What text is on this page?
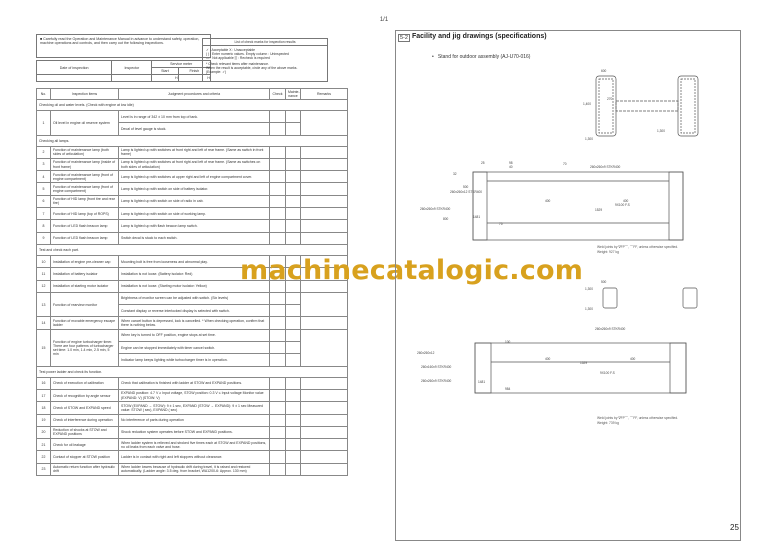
1/1
■ Carefully read the Operation and Maintenance Manual in advance to understand safety, operation, machine operations and controls, and then carry out the following inspections.
Date of inspection	Inspector	Service meter	
		Start	Finish
		H	H
List of check marks for inspection results
✓ : Acceptable X : Unacceptable
( ) : Enter numeric values. Empty column : Uninspected
— : Not applicable ▒ : Recheck is required
* Check relevant items after maintenance.
When the result is acceptable, circle any of the above marks.
(Example: ✓)
No.	Inspection items	Judgment procedures and criteria	Check	Mainte-nance	Remarks
Checking oil and water levels. (Check with engine at low idle)					
1	Oil level in engine oil reserve system	Level is in range of 342 ± 10 mm from top of tank.			
		Decal of level gauge is stuck.			
Checking all lamps.					
2	Function of maintenance lamp (both sides of articulation)	Lamp is lighted up with switches at front right and left of rear frame. (Same as switch in front frame)			
3	Function of maintenance lamp (inside of front frame)	Lamp is lighted up with switches at front right and left of rear frame. (Same as switches on both sides of articulation)			
4	Function of maintenance lamp (front of engine compartment)	Lamp is lighted up with switches at upper right and left of engine compartment cover.			
5	Function of maintenance lamp (front of engine compartment)	Lamp is lighted up with switch on side of battery isolator.			
6	Function of HID lamp (front tire and rear tire)	Lamp is lighted up with switch on side of radio in cab.			
7	Function of HID lamp (top of ROPS)	Lamp is lighted up with switch on side of working lamp.			
8	Function of LED flash beacon lamp	Lamp is lighted up with flash beacon lamp switch.			
9	Function of LED flash beacon lamp	Switch decal is stuck to each switch.			
Test and check each part.					
10	Installation of engine pre-cleaner cap	Mounting bolt is free from looseness and abnormal play.			
11	Installation of battery isolator	Installation is not loose. (Battery isolator: Red)			
12	Installation of starting motor isolator	Installation is not loose. (Starting motor isolator: Yellow)			
13	Function of rearview monitor	Brightness of monitor screen can be adjusted with switch. (Six levels)			
		Constant display or reverse interlocked display is selected with switch.			
14	Function of movable emergency escape ladder	When cancel button is depressed, lock is cancelled. * When checking operation, confirm that there is nothing below.			
15	Function of engine turbocharger timer. There are four patterns of turbocharger set time: 1.0 min, 1.4 min, 2.5 min, 5 min	When key is turned to OFF position, engine stops at set time.			
		Engine can be stopped immediately with timer cancel switch.			
		Indicator lamp keeps lighting while turbocharger timer is in operation.			
Test power ladder and check its function.					
16	Check of execution of calibration	Check that calibration is finished with ladder at STOW and EXPAND positions.			
17	Check of recognition by angle sensor	EXPAND position: 4.7 V ≥ Input voltage, STOW position: 0.3 V ≤ Input voltage Monitor value (EXPAND: V) (STOW: V)			
18	Check of STOW and EXPAND speed	STOW (EXPAND → STOW): 9 ± 1 sec, EXPAND (STOW → EXPAND): 9 ± 1 sec Measured value: STOW ( sec), EXPAND ( sec)			
19	Check of interference during operation	No interference of parts during operation			
20	Reduction of shocks at STOW and EXPAND positions	Shock reduction system operates before STOW and EXPAND positions.			
21	Check for oil leakage	When ladder system is relieved and stroked five times each at STOW and EXPAND positions, no oil leaks from each valve and hose.			
22	Contact of stopper at STOW position	Ladder is in contact with right and left stoppers without clearance.			
23	Automatic return function after hydraulic drift	When ladder lowers because of hydraulic drift during travel, it is raised and restored automatically. (Ladder angle: 3.5 deg. from bracket, WA1200-6: Approx. 130 mm)			
machinecatalogic.com
5-2 Facility and jig drawings (specifications)
•   Stand for outdoor assembly (AJ-U70-016)
600
1,400
270
1,300
1,300
32
25	98
40
70
500
260x260x9 STKR400
400	400
1529
9X100 F.S
260x260x12 STKR400
260x260x9 STKR400
800	1481
75
500
1,300
1,300
260x260x9 STKR400
400	400
1529
9X100 F.S
260x260x12
260x160x9 STKR400
260x260x9 STKR400
100
1481
984
Weld joints by ∇FP⌒, ⌒FF, unless otherwise specified.
Weight: 927 kg
Weld joints by ∇FP⌒, ⌒FF, unless otherwise specified.
Weight: 739 kg
25
